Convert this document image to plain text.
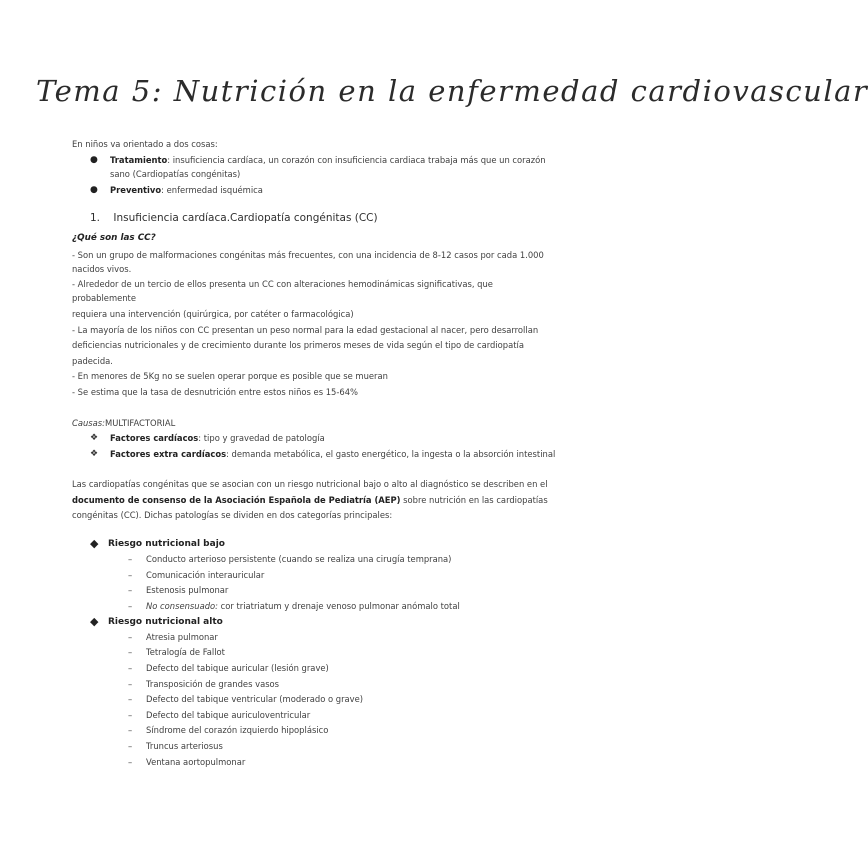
Tema 5: Nutrición en la enfermedad cardiovascular
En niños va orientado a dos cosas:
● Tratamiento: insuficiencia cardíaca, un corazón con insuficiencia cardiaca trabaja más que un corazón
sano (Cardiopatías congénitas)
● Preventivo: enfermedad isquémica
1. Insuficiencia cardíaca.Cardiopatía congénitas (CC)
¿Qué son las CC?
- Son un grupo de malformaciones congénitas más frecuentes, con una incidencia de 8-12 casos por cada 1.000
nacidos vivos.
- Alrededor de un tercio de ellos presenta un CC con alteraciones hemodinámicas significativas, que
probablemente
requiera una intervención (quirúrgica, por catéter o farmacológica)
- La mayoría de los niños con CC presentan un peso normal para la edad gestacional al nacer, pero desarrollan
deficiencias nutricionales y de crecimiento durante los primeros meses de vida según el tipo de cardiopatía
padecida.
- En menores de 5Kg no se suelen operar porque es posible que se mueran
- Se estima que la tasa de desnutrición entre estos niños es 15-64%
Causas:MULTIFACTORIAL
❖ Factores cardíacos: tipo y gravedad de patología
❖ Factores extra cardíacos: demanda metabólica, el gasto energético, la ingesta o la absorción intestinal
Las cardiopatías congénitas que se asocian con un riesgo nutricional bajo o alto al diagnóstico se describen en el
documento de consenso de la Asociación Española de Pediatría (AEP) sobre nutrición en las cardiopatías
congénitas (CC). Dichas patologías se dividen en dos categorías principales:
◆ Riesgo nutricional bajo
– Conducto arterioso persistente (cuando se realiza una cirugía temprana)
– Comunicación interauricular
– Estenosis pulmonar
– No consensuado: cor triatriatum y drenaje venoso pulmonar anómalo total
◆ Riesgo nutricional alto
– Atresia pulmonar
– Tetralogía de Fallot
– Defecto del tabique auricular (lesión grave)
– Transposición de grandes vasos
– Defecto del tabique ventricular (moderado o grave)
– Defecto del tabique auriculoventricular
– Síndrome del corazón izquierdo hipoplásico
– Truncus arteriosus
– Ventana aortopulmonar
